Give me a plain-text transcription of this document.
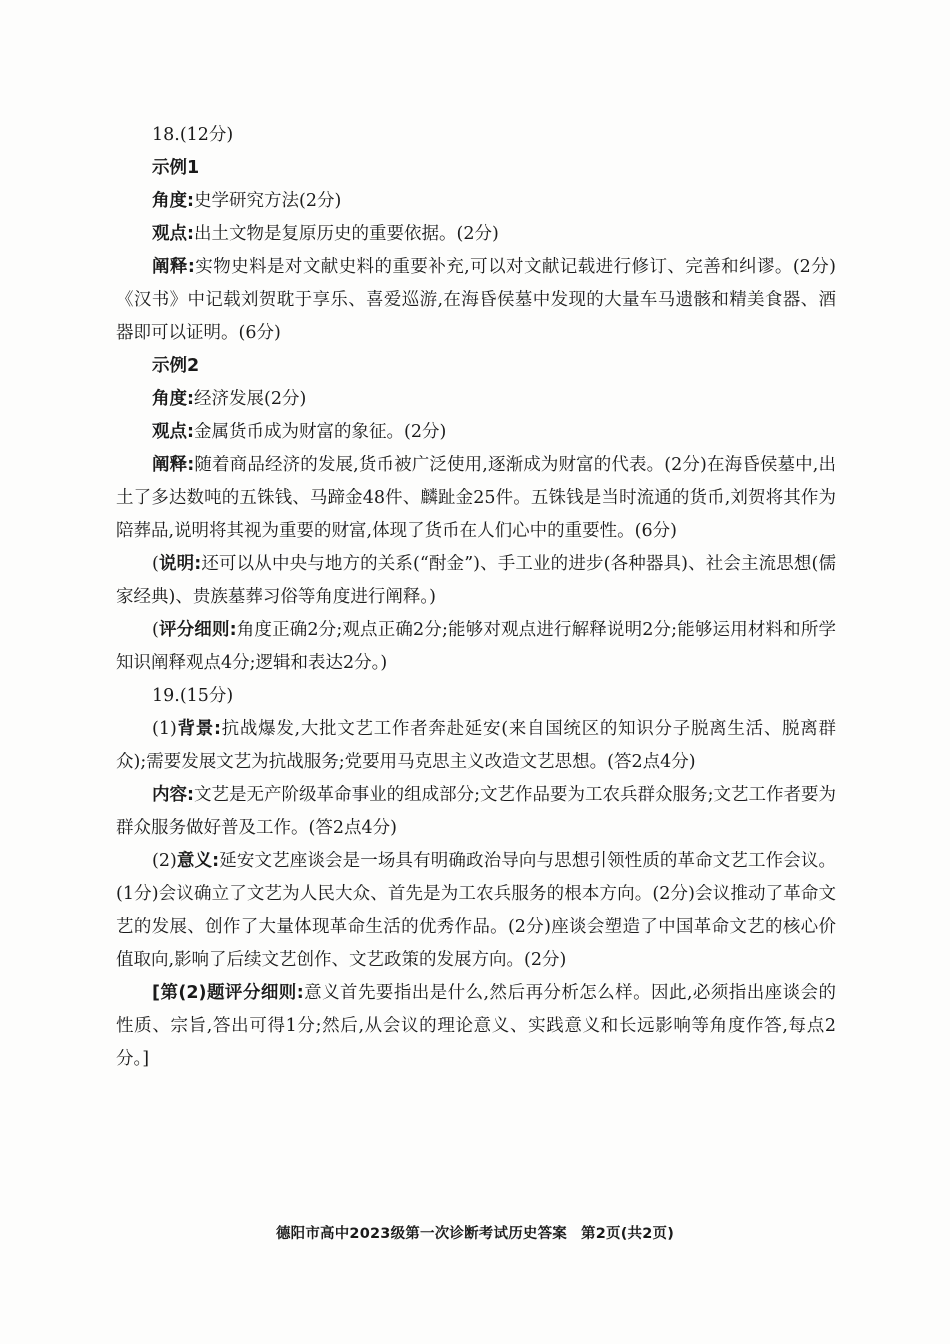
18.(12分)

示例1

角度:史学研究方法(2分)

观点:出土文物是复原历史的重要依据。(2分)

阐释:实物史料是对文献史料的重要补充,可以对文献记载进行修订、完善和纠谬。(2分)《汉书》中记载刘贺耽于享乐、喜爱巡游,在海昏侯墓中发现的大量车马遗骸和精美食器、酒器即可以证明。(6分)

示例2

角度:经济发展(2分)

观点:金属货币成为财富的象征。(2分)

阐释:随着商品经济的发展,货币被广泛使用,逐渐成为财富的代表。(2分)在海昏侯墓中,出土了多达数吨的五铢钱、马蹄金48件、麟趾金25件。五铢钱是当时流通的货币,刘贺将其作为陪葬品,说明将其视为重要的财富,体现了货币在人们心中的重要性。(6分)

(说明:还可以从中央与地方的关系(“酎金”)、手工业的进步(各种器具)、社会主流思想(儒家经典)、贵族墓葬习俗等角度进行阐释。)

(评分细则:角度正确2分;观点正确2分;能够对观点进行解释说明2分;能够运用材料和所学知识阐释观点4分;逻辑和表达2分。)

19.(15分)

(1)背景:抗战爆发,大批文艺工作者奔赴延安(来自国统区的知识分子脱离生活、脱离群众);需要发展文艺为抗战服务;党要用马克思主义改造文艺思想。(答2点4分)

内容:文艺是无产阶级革命事业的组成部分;文艺作品要为工农兵群众服务;文艺工作者要为群众服务做好普及工作。(答2点4分)

(2)意义:延安文艺座谈会是一场具有明确政治导向与思想引领性质的革命文艺工作会议。(1分)会议确立了文艺为人民大众、首先是为工农兵服务的根本方向。(2分)会议推动了革命文艺的发展、创作了大量体现革命生活的优秀作品。(2分)座谈会塑造了中国革命文艺的核心价值取向,影响了后续文艺创作、文艺政策的发展方向。(2分)

[第(2)题评分细则:意义首先要指出是什么,然后再分析怎么样。因此,必须指出座谈会的性质、宗旨,答出可得1分;然后,从会议的理论意义、实践意义和长远影响等角度作答,每点2分。]

德阳市高中2023级第一次诊断考试历史答案 第2页(共2页)
